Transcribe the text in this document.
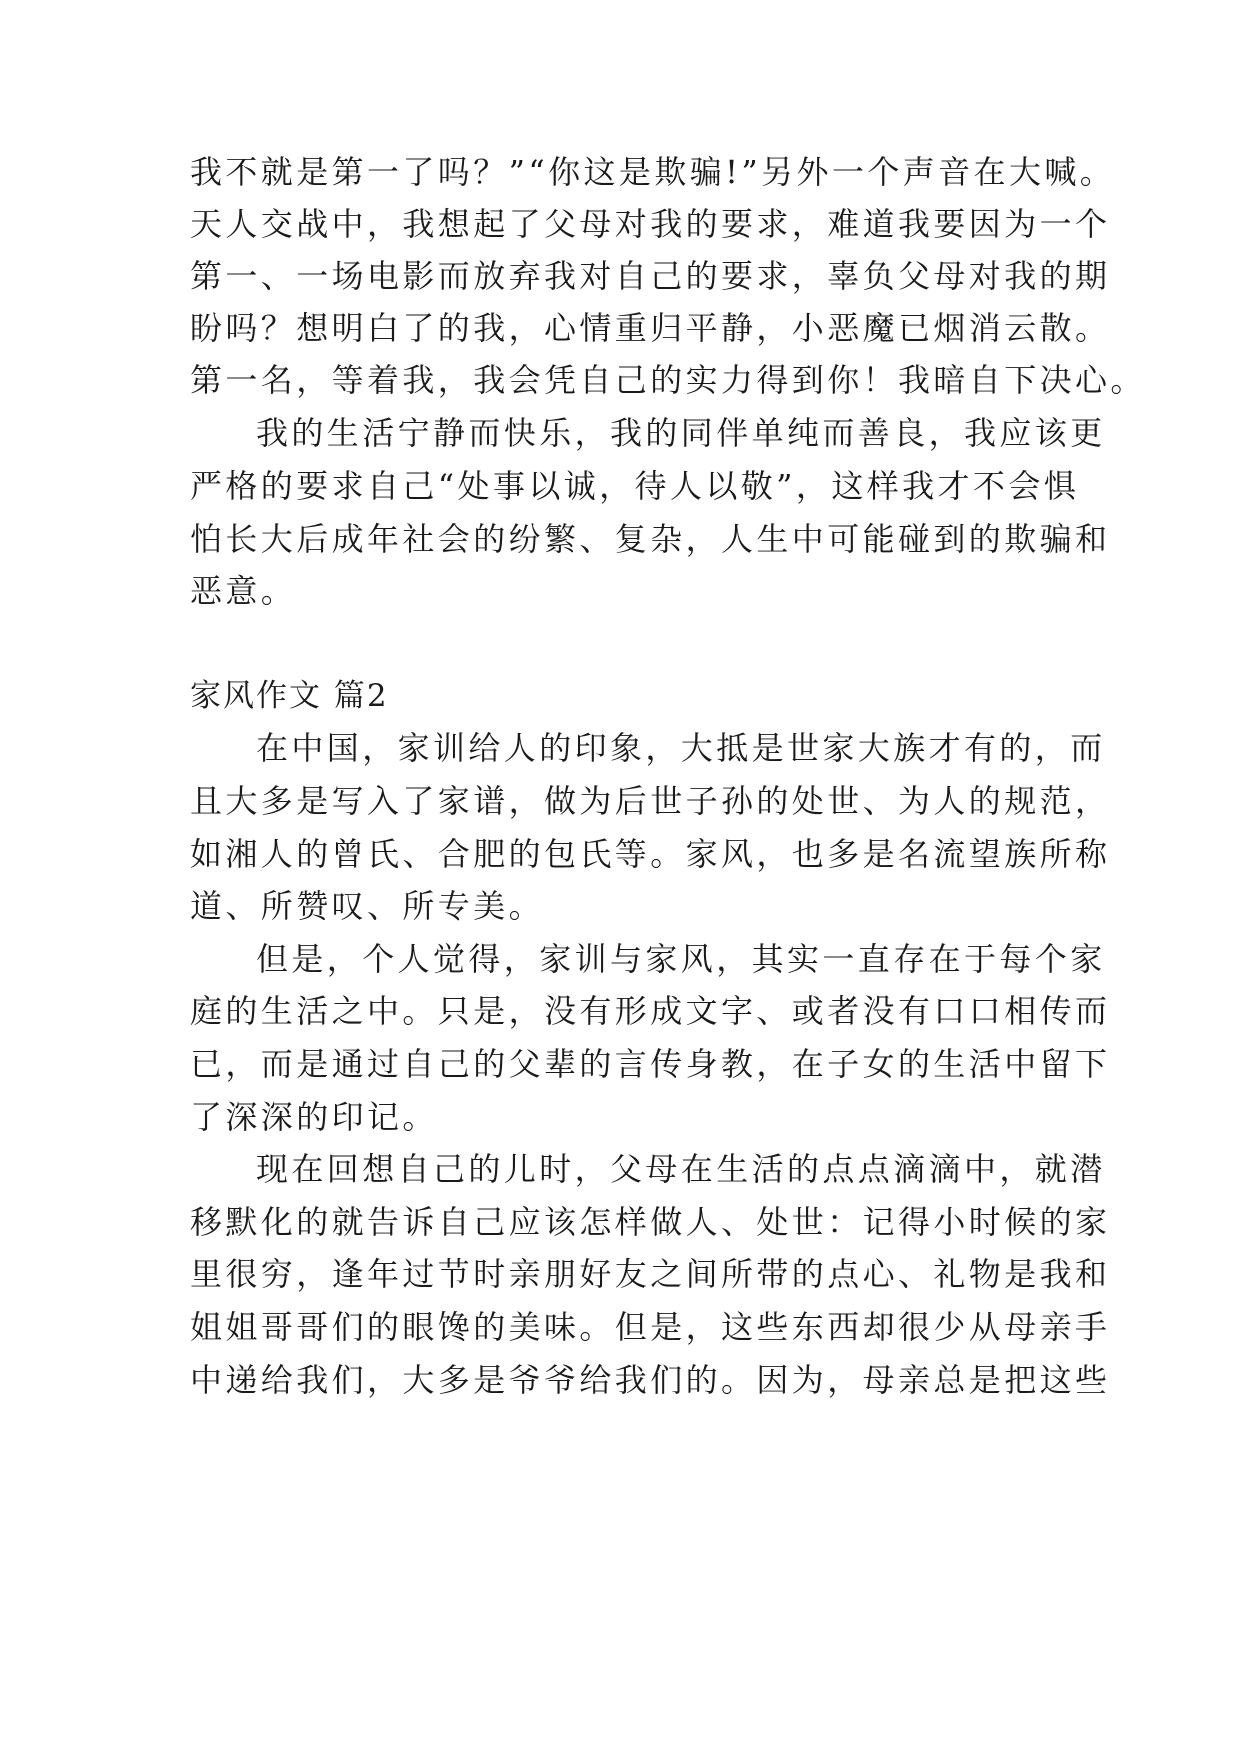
我不就是第一了吗？”“你这是欺骗!”另外一个声音在大喊。
天人交战中，我想起了父母对我的要求，难道我要因为一个
第一、一场电影而放弃我对自己的要求，辜负父母对我的期
盼吗？想明白了的我，心情重归平静，小恶魔已烟消云散。
第一名，等着我，我会凭自己的实力得到你！我暗自下决心。
我的生活宁静而快乐，我的同伴单纯而善良，我应该更
严格的要求自己“处事以诚，待人以敬”，这样我才不会惧
怕长大后成年社会的纷繁、复杂，人生中可能碰到的欺骗和
恶意。
家风作文 篇2
在中国，家训给人的印象，大抵是世家大族才有的，而
且大多是写入了家谱，做为后世子孙的处世、为人的规范，
如湘人的曾氏、合肥的包氏等。家风，也多是名流望族所称
道、所赞叹、所专美。
但是，个人觉得，家训与家风，其实一直存在于每个家
庭的生活之中。只是，没有形成文字、或者没有口口相传而
已，而是通过自己的父辈的言传身教，在子女的生活中留下
了深深的印记。
现在回想自己的儿时，父母在生活的点点滴滴中，就潜
移默化的就告诉自己应该怎样做人、处世：记得小时候的家
里很穷，逢年过节时亲朋好友之间所带的点心、礼物是我和
姐姐哥哥们的眼馋的美味。但是，这些东西却很少从母亲手
中递给我们，大多是爷爷给我们的。因为，母亲总是把这些
